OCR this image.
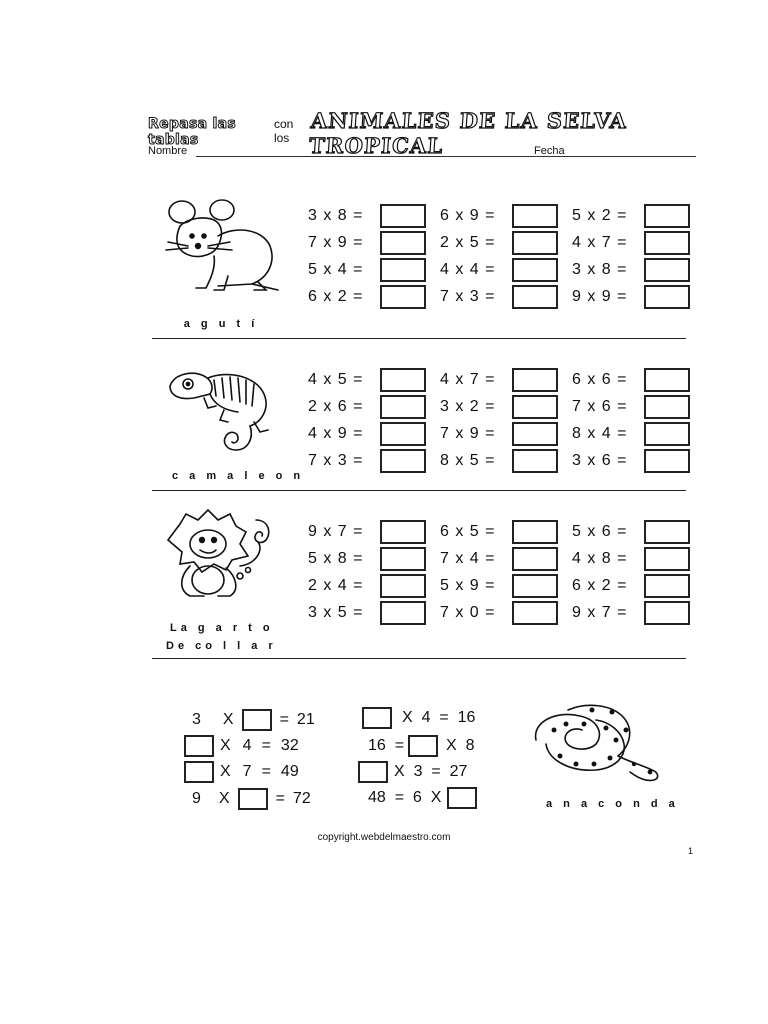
Repasa las tablas
con los
ANIMALES DE LA SELVA TROPICAL
Nombre	Fecha
a g u t í
3 x 8 =	6 x 9 =	5 x 2 =
7 x 9 =	2 x 5 =	4 x 7 =
5 x 4 =	4 x 4 =	3 x 8 =
6 x 2 =	7 x 3 =	9 x 9 =
c a m a l e o n
4 x 5 =	4 x 7 =	6 x 6 =
2 x 6 =	3 x 2 =	7 x 6 =
4 x 9 =	7 x 9 =	8 x 4 =
7 x 3 =	8 x 5 =	3 x 6 =
La g a r t o
De co l l a r
9 x 7 =	6 x 5 =	5 x 6 =
5 x 8 =	7 x 4 =	4 x 8 =
2 x 4 =	5 x 9 =	6 x 2 =
3 x 5 =	7 x 0 =	9 x 7 =
3 X	= 21
X 4 = 32
X 7 = 49
9 X	= 72
X  4  =  16
16  =	X  8
X  3  =  27
48  =  6  X	a n a c o n d a
copyright.webdelmaestro.com
1
